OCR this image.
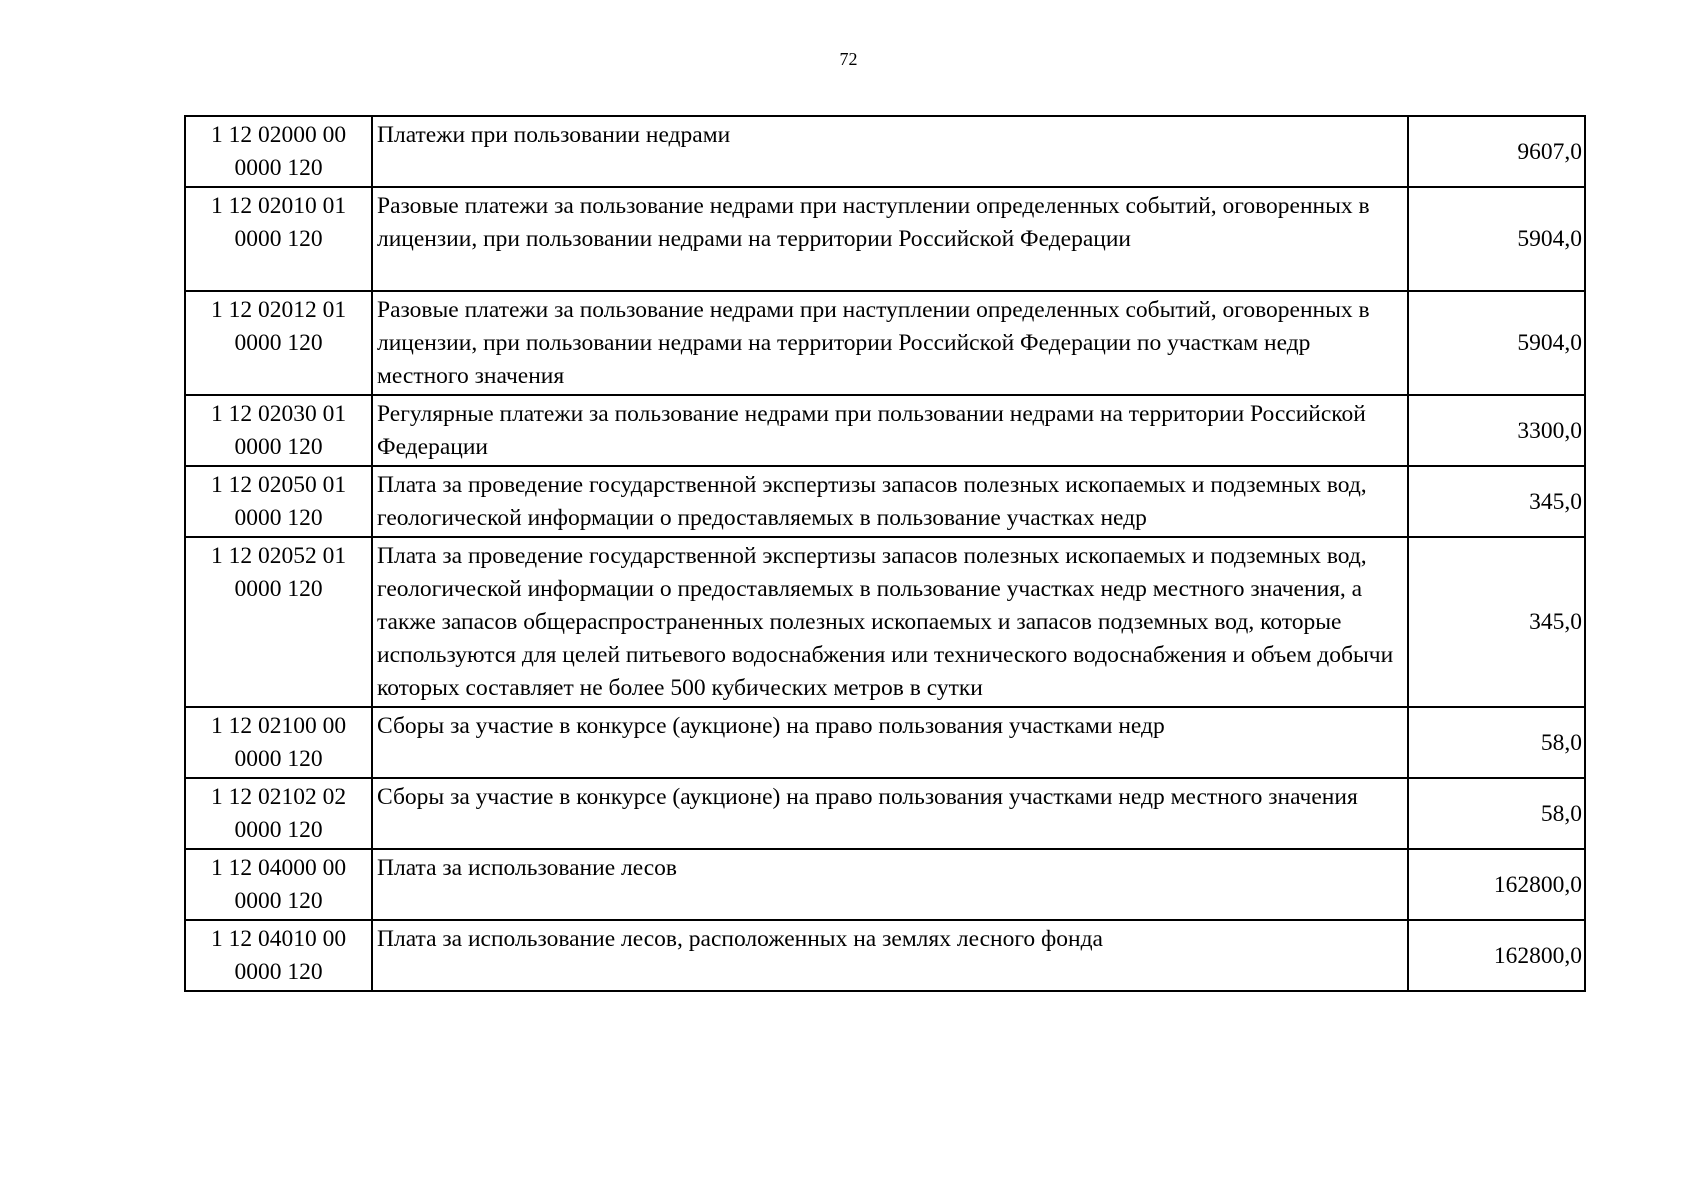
72
1 12 02000 00 0000 120	Платежи при пользовании недрами	9607,0
1 12 02010 01 0000 120	Разовые платежи за пользование недрами при наступлении определенных событий, оговоренных в лицензии, при пользовании недрами на территории Российской Федерации	5904,0
1 12 02012 01 0000 120	Разовые платежи за пользование недрами при наступлении определенных событий, оговоренных в лицензии, при пользовании недрами на территории Российской Федерации по участкам недр местного значения	5904,0
1 12 02030 01 0000 120	Регулярные платежи за пользование недрами при пользовании недрами на территории Российской Федерации	3300,0
1 12 02050 01 0000 120	Плата за проведение государственной экспертизы запасов полезных ископаемых и подземных вод, геологической информации о предоставляемых в пользование участках недр	345,0
1 12 02052 01 0000 120	Плата за проведение государственной экспертизы запасов полезных ископаемых и подземных вод, геологической информации о предоставляемых в пользование участках недр местного значения, а также запасов общераспространенных полезных ископаемых и запасов подземных вод, которые используются для целей питьевого водоснабжения или технического водоснабжения и объем добычи которых составляет не более 500 кубических метров в сутки	345,0
1 12 02100 00 0000 120	Сборы за участие в конкурсе (аукционе) на право пользования участками недр	58,0
1 12 02102 02 0000 120	Сборы за участие в конкурсе (аукционе) на право пользования участками недр местного значения	58,0
1 12 04000 00 0000 120	Плата за использование лесов	162800,0
1 12 04010 00 0000 120	Плата за использование лесов, расположенных на землях лесного фонда	162800,0
